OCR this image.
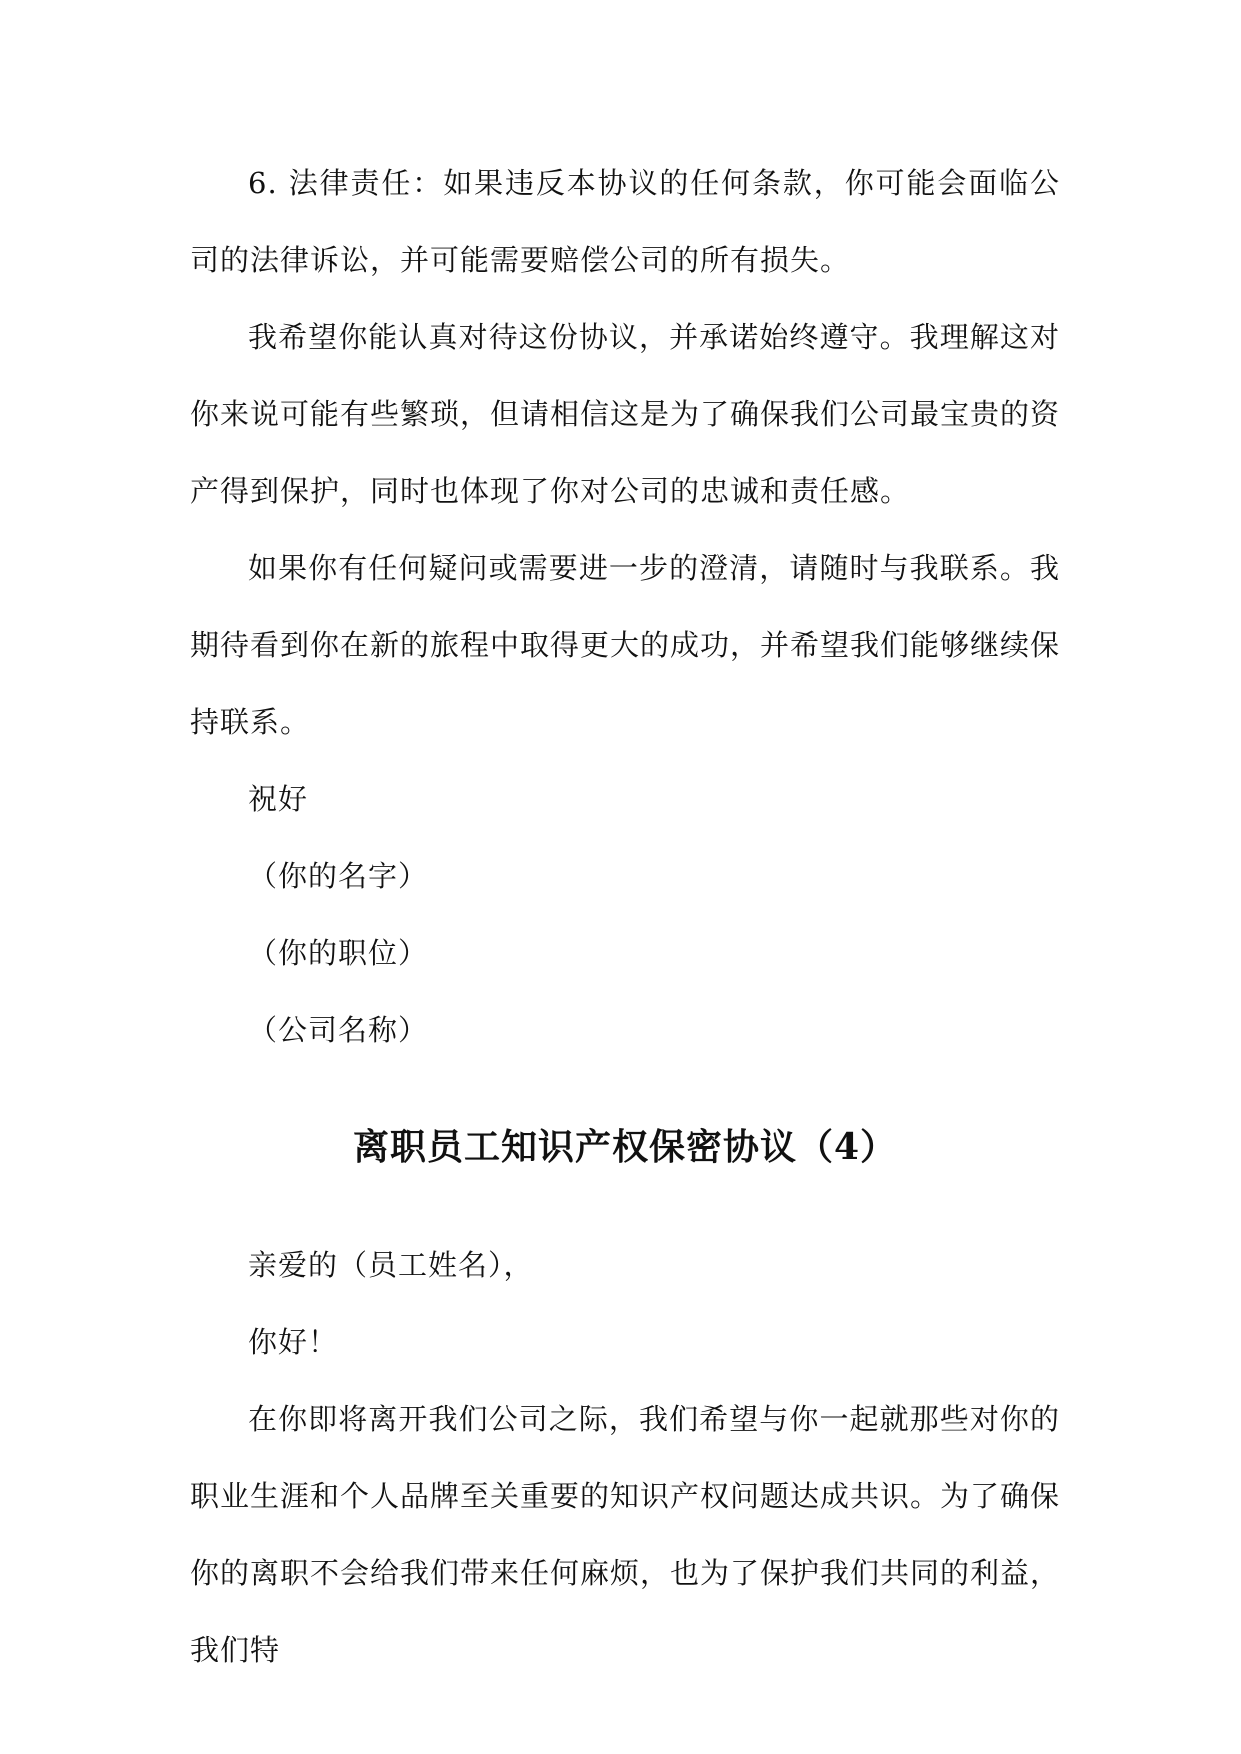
6. 法律责任：如果违反本协议的任何条款，你可能会面临公司的法律诉讼，并可能需要赔偿公司的所有损失。

我希望你能认真对待这份协议，并承诺始终遵守。我理解这对你来说可能有些繁琐，但请相信这是为了确保我们公司最宝贵的资产得到保护，同时也体现了你对公司的忠诚和责任感。

如果你有任何疑问或需要进一步的澄清，请随时与我联系。我期待看到你在新的旅程中取得更大的成功，并希望我们能够继续保持联系。

祝好

（你的名字）

（你的职位）

（公司名称）

离职员工知识产权保密协议（4）

亲爱的（员工姓名），

你好！

在你即将离开我们公司之际，我们希望与你一起就那些对你的职业生涯和个人品牌至关重要的知识产权问题达成共识。为了确保你的离职不会给我们带来任何麻烦，也为了保护我们共同的利益，我们特
